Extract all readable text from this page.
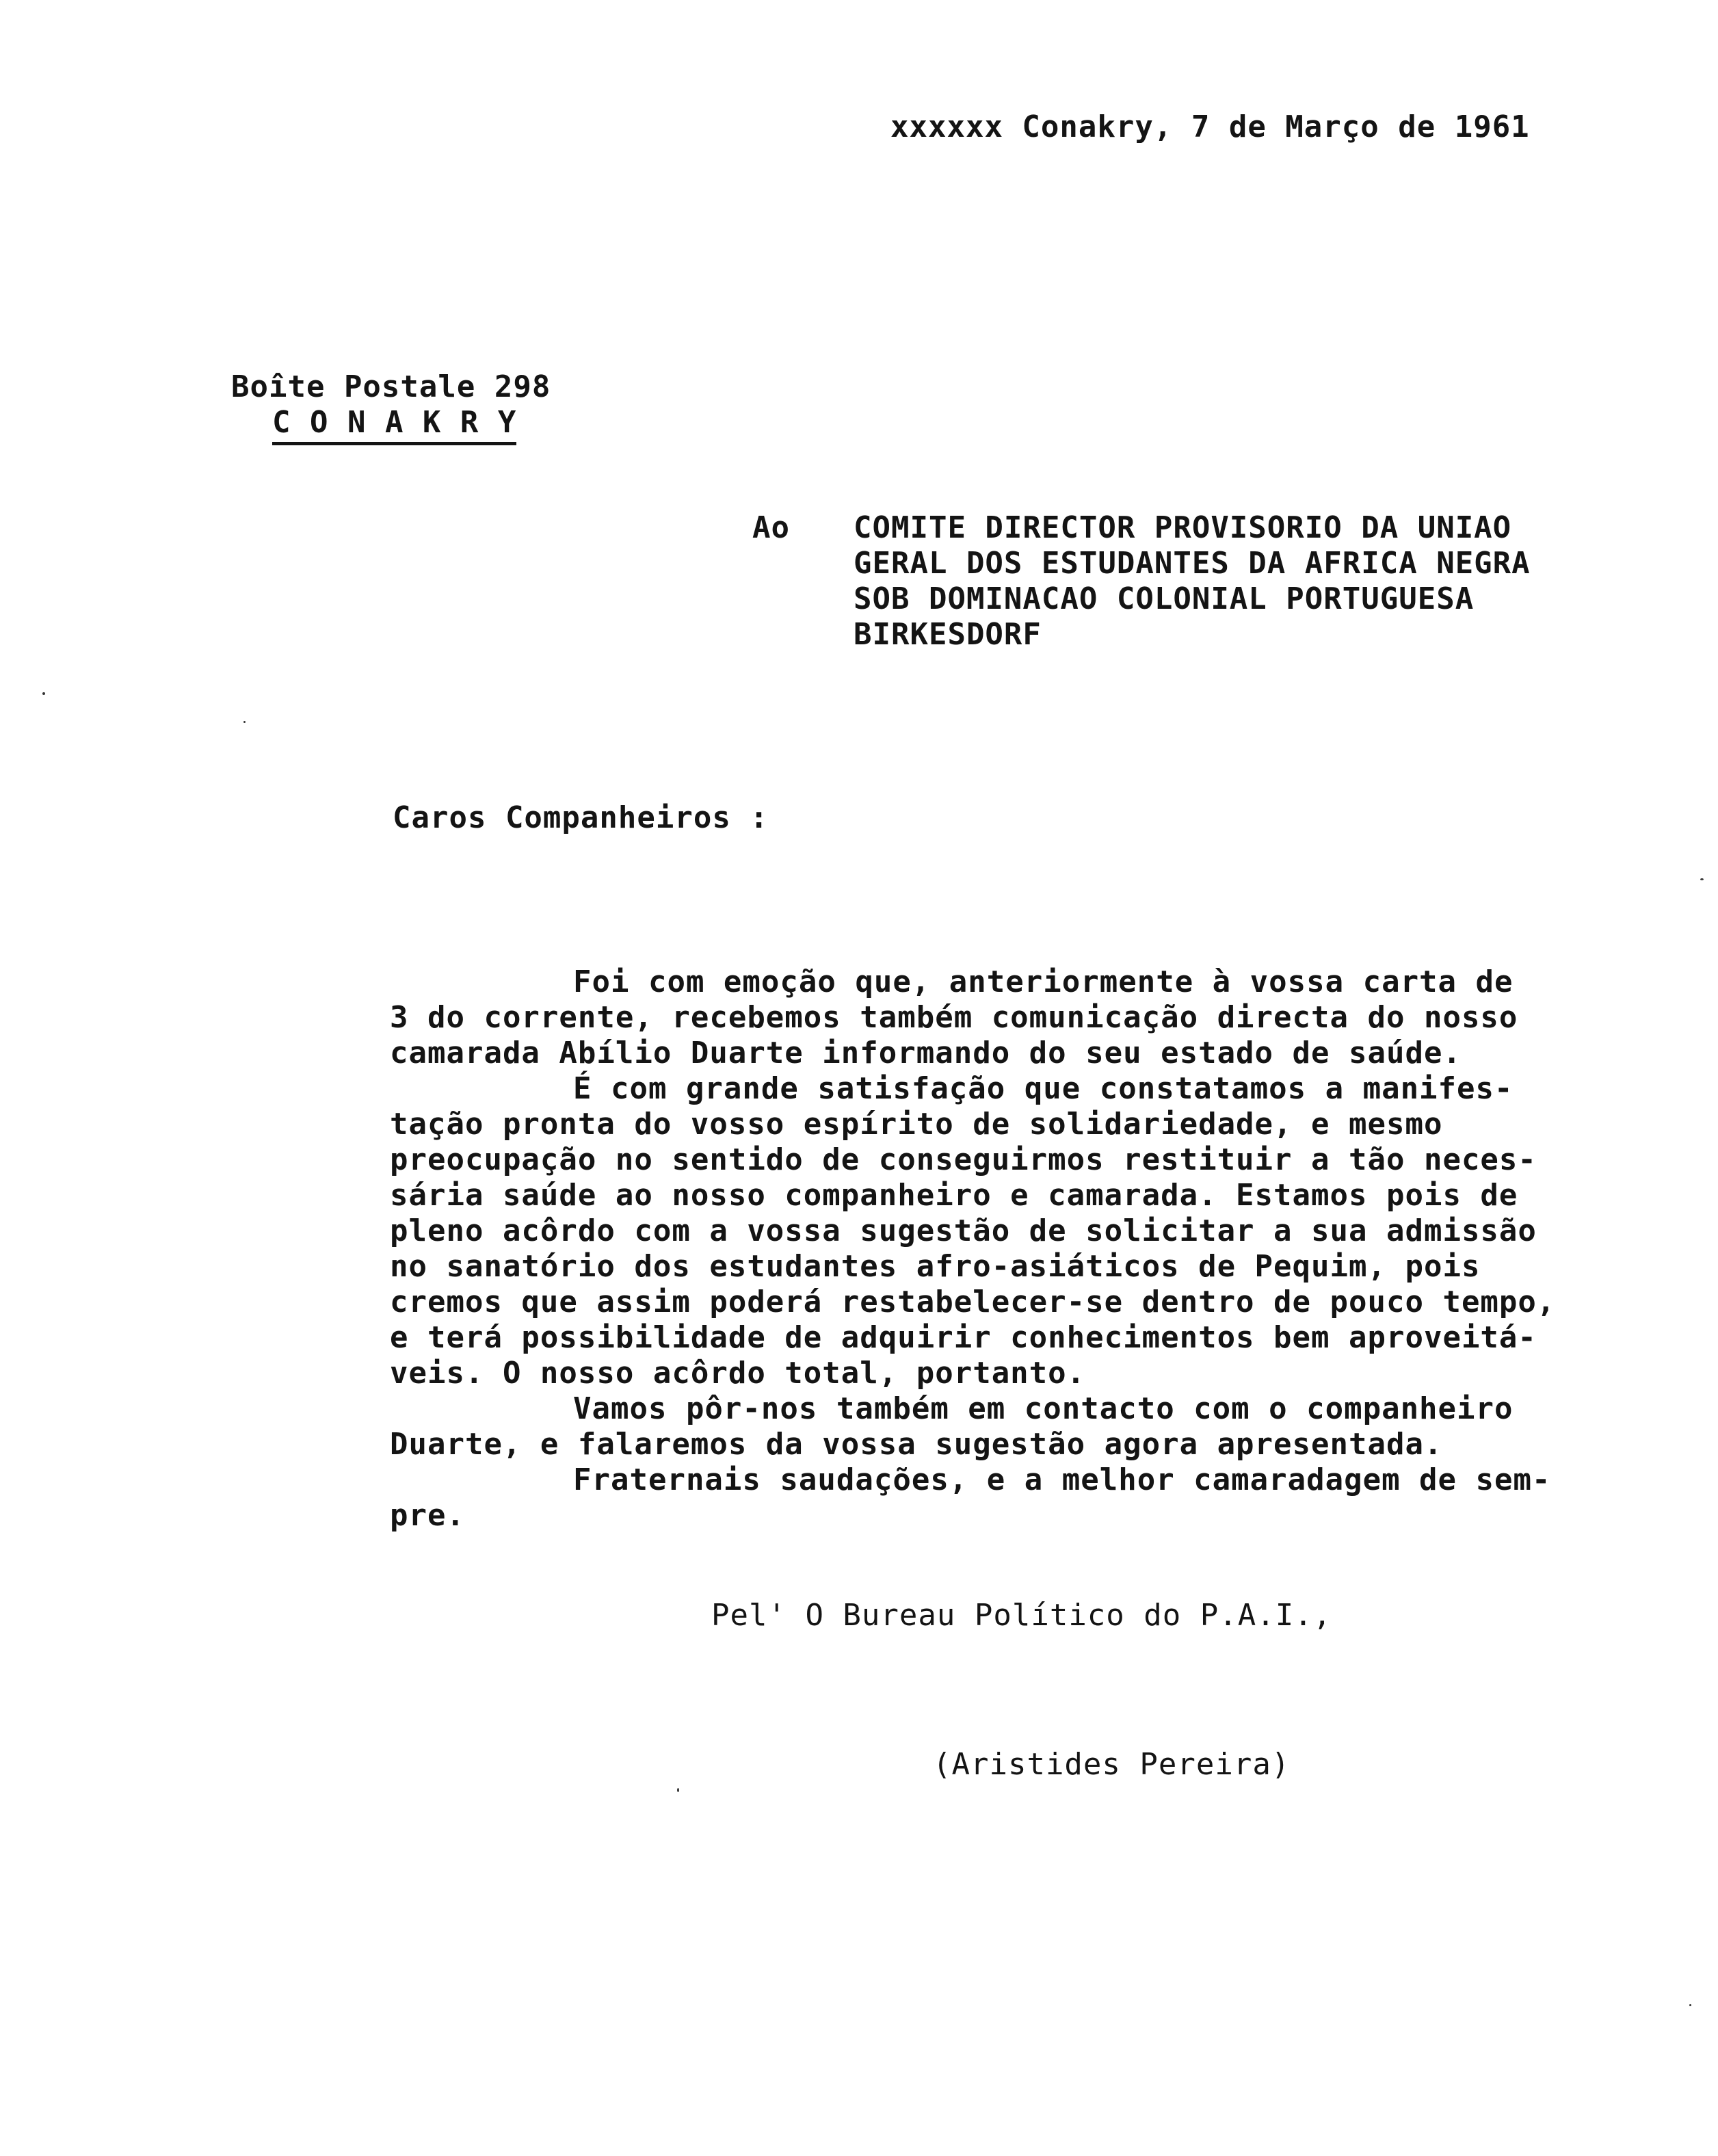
xxxxxx Conakry, 7 de Março de 1961
Boîte Postale 298
C O N A K R Y
Ao COMITE DIRECTOR PROVISORIO DA UNIAO
GERAL DOS ESTUDANTES DA AFRICA NEGRA
SOB DOMINACAO COLONIAL PORTUGUESA
BIRKESDORF
Caros Companheiros :
Foi com emoção que, anteriormente à vossa carta de
3 do corrente, recebemos também comunicação directa do nosso
camarada Abílio Duarte informando do seu estado de saúde.
É com grande satisfação que constatamos a manifes-
tação pronta do vosso espírito de solidariedade, e mesmo
preocupação no sentido de conseguirmos restituir a tão neces-
sária saúde ao nosso companheiro e camarada. Estamos pois de
pleno acôrdo com a vossa sugestão de solicitar a sua admissão
no sanatório dos estudantes afro-asiáticos de Pequim, pois
cremos que assim poderá restabelecer-se dentro de pouco tempo,
e terá possibilidade de adquirir conhecimentos bem aproveitá-
veis. O nosso acôrdo total, portanto.
Vamos pôr-nos também em contacto com o companheiro
Duarte, e falaremos da vossa sugestão agora apresentada.
Fraternais saudações, e a melhor camaradagem de sem-
pre.
Pel' O Bureau Político do P.A.I.,
(Aristides Pereira)
